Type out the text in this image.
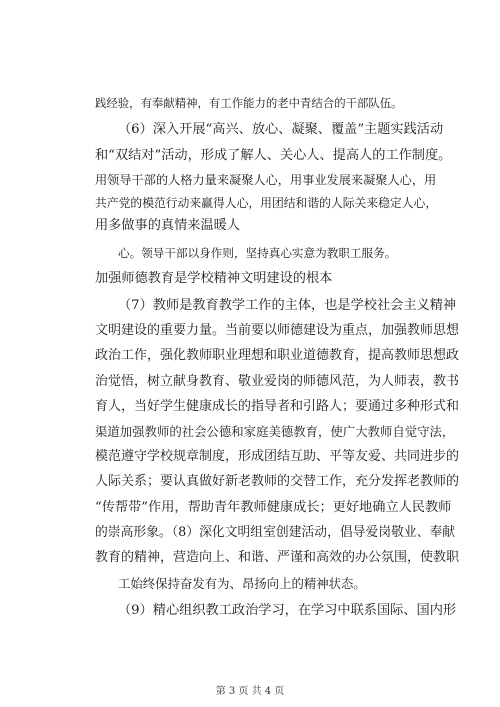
践经验，有奉献精神，有工作能力的老中青结合的干部队伍。
（6）深入开展“高兴、放心、凝聚、覆盖”主题实践活动
和“双结对”活动，形成了解人、关心人、提高人的工作制度。
用领导干部的人格力量来凝聚人心，用事业发展来凝聚人心，用
共产党的模范行动来赢得人心，用团结和谐的人际关来稳定人心，
用多做事的真情来温暖人
心。领导干部以身作则，坚持真心实意为教职工服务。
加强师德教育是学校精神文明建设的根本
（7）教师是教育教学工作的主体，也是学校社会主义精神
文明建设的重要力量。当前要以师德建设为重点，加强教师思想
政治工作，强化教师职业理想和职业道德教育，提高教师思想政
治觉悟，树立献身教育、敬业爱岗的师德风范，为人师表，教书
育人，当好学生健康成长的指导者和引路人；要通过多种形式和
渠道加强教师的社会公德和家庭美德教育，使广大教师自觉守法，
模范遵守学校规章制度，形成团结互助、平等友爱、共同进步的
人际关系；要认真做好新老教师的交替工作，充分发挥老教师的
“传帮带”作用，帮助青年教师健康成长；更好地确立人民教师
的崇高形象。（8）深化文明组室创建活动，倡导爱岗敬业、奉献
教育的精神，营造向上、和谐、严谨和高效的办公氛围，使教职
工始终保持奋发有为、昂扬向上的精神状态。
（9）精心组织教工政治学习，在学习中联系国际、国内形
第 3 页 共 4 页
